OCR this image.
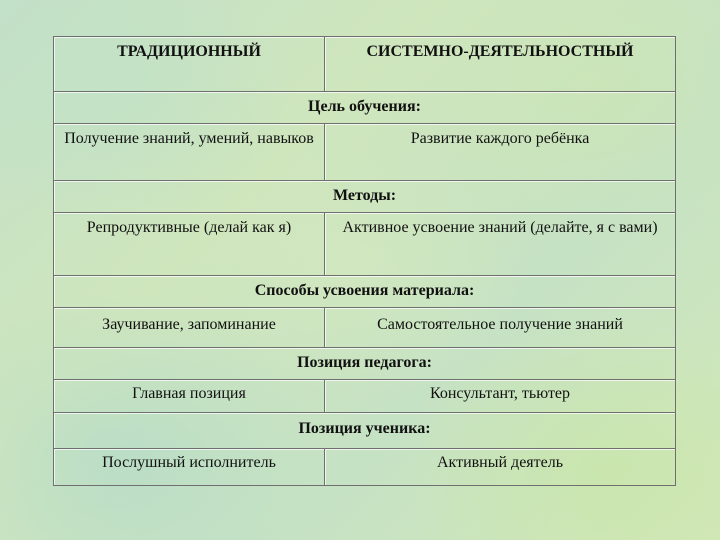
ТРАДИЦИОННЫЙ	СИСТЕМНО-ДЕЯТЕЛЬНОСТНЫЙ
Цель обучения:	
Получение знаний, умений, навыков	Развитие каждого ребёнка
Методы:	
Репродуктивные (делай как я)	Активное усвоение знаний (делайте, я с вами)
Способы усвоения материала:	
Заучивание, запоминание	Самостоятельное получение знаний
Позиция педагога:	
Главная позиция	Консультант, тьютер
Позиция ученика:	
Послушный исполнитель	Активный деятель
